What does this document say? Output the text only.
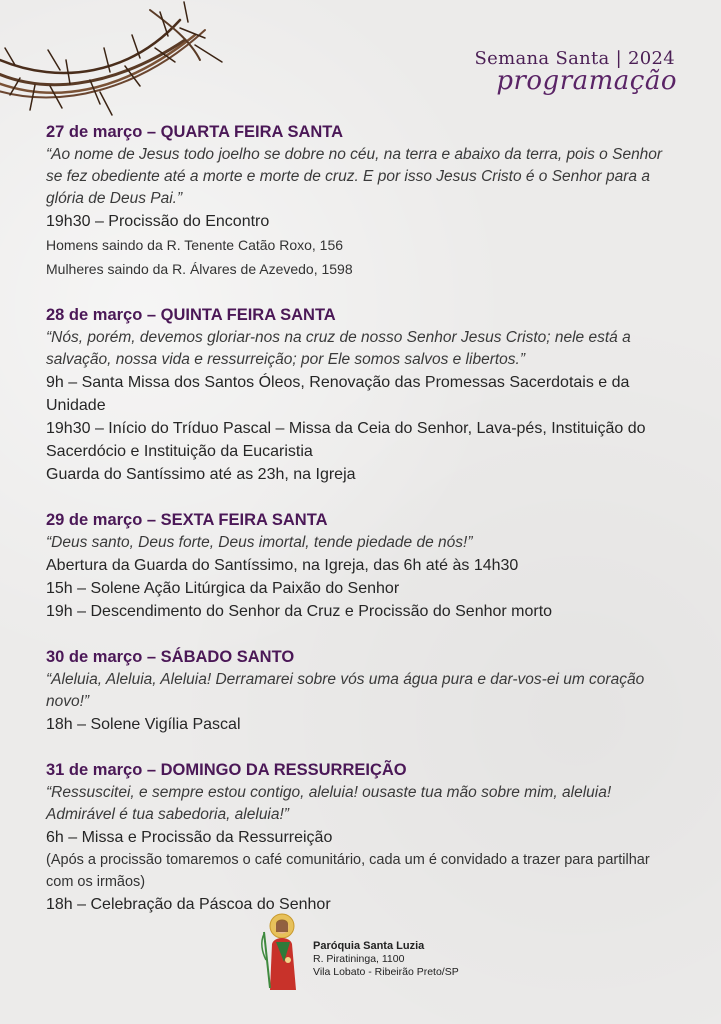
Semana Santa | 2024
programação
27 de março – QUARTA FEIRA SANTA
“Ao nome de Jesus todo joelho se dobre no céu, na terra e abaixo da terra, pois o Senhor se fez obediente até a morte e morte de cruz. E por isso Jesus Cristo é o Senhor para a glória de Deus Pai.”
19h30 – Procissão do Encontro
Homens saindo da R. Tenente Catão Roxo, 156
Mulheres saindo da R. Álvares de Azevedo, 1598
28 de março – QUINTA FEIRA SANTA
“Nós, porém, devemos gloriar-nos na cruz de nosso Senhor Jesus Cristo; nele está a salvação, nossa vida e ressurreição; por Ele somos salvos e libertos.”
9h – Santa Missa dos Santos Óleos, Renovação das Promessas Sacerdotais e da Unidade
19h30 – Início do Tríduo Pascal – Missa da Ceia do Senhor, Lava-pés, Instituição do Sacerdócio e Instituição da Eucaristia
Guarda do Santíssimo até as 23h, na Igreja
29 de março – SEXTA FEIRA SANTA
“Deus santo, Deus forte, Deus imortal, tende piedade de nós!”
Abertura da Guarda do Santíssimo, na Igreja, das 6h até às 14h30
15h – Solene Ação Litúrgica da Paixão do Senhor
19h – Descendimento do Senhor da Cruz e Procissão do Senhor morto
30 de março – SÁBADO SANTO
“Aleluia, Aleluia, Aleluia! Derramarei sobre vós uma água pura e dar-vos-ei um coração novo!”
18h – Solene Vigília Pascal
31 de março – DOMINGO DA RESSURREIÇÃO
“Ressuscitei, e sempre estou contigo, aleluia! ousaste tua mão sobre mim, aleluia! Admirável é tua sabedoria, aleluia!”
6h – Missa e Procissão da Ressurreição
(Após a procissão tomaremos o café comunitário, cada um é convidado a trazer para partilhar com os irmãos)
18h – Celebração da Páscoa do Senhor
Paróquia Santa Luzia
R. Piratininga, 1100
Vila Lobato - Ribeirão Preto/SP
